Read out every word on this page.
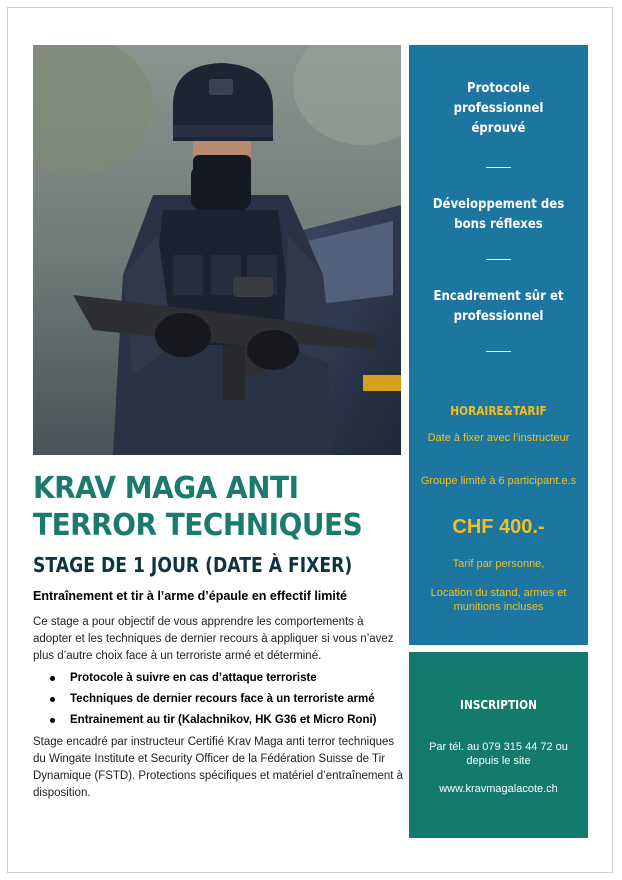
KRAV MAGA ANTI
TERROR TECHNIQUES
STAGE DE 1 JOUR (DATE À FIXER)
Entraînement et tir à l’arme d’épaule en effectif limité
Ce stage a pour objectif de vous apprendre les comportements à adopter et les techniques de dernier recours à appliquer si vous n’avez plus d’autre choix face à un terroriste armé et déterminé.
Protocole à suivre en cas d’attaque terroriste
Techniques de dernier recours face à un terroriste armé
Entrainement au tir (Kalachnikov, HK G36 et Micro Roni)
Stage encadré par instructeur Certifié Krav Maga anti terror techniques du Wingate Institute et Security Officer de la Fédération Suisse de Tir Dynamique (FSTD). Protections spécifiques et matériel d’entraînement à disposition.
Protocole professionnel éprouvé
Développement des bons réflexes
Encadrement sûr et professionnel
HORAIRE&TARIF
Date à fixer avec l’instructeur
Groupe limité à 6 participant.e.s
CHF 400.-
Tarif par personne,
Location du stand, armes et munitions incluses
INSCRIPTION
Par tél. au 079 315 44 72 ou depuis le site
www.kravmagalacote.ch
